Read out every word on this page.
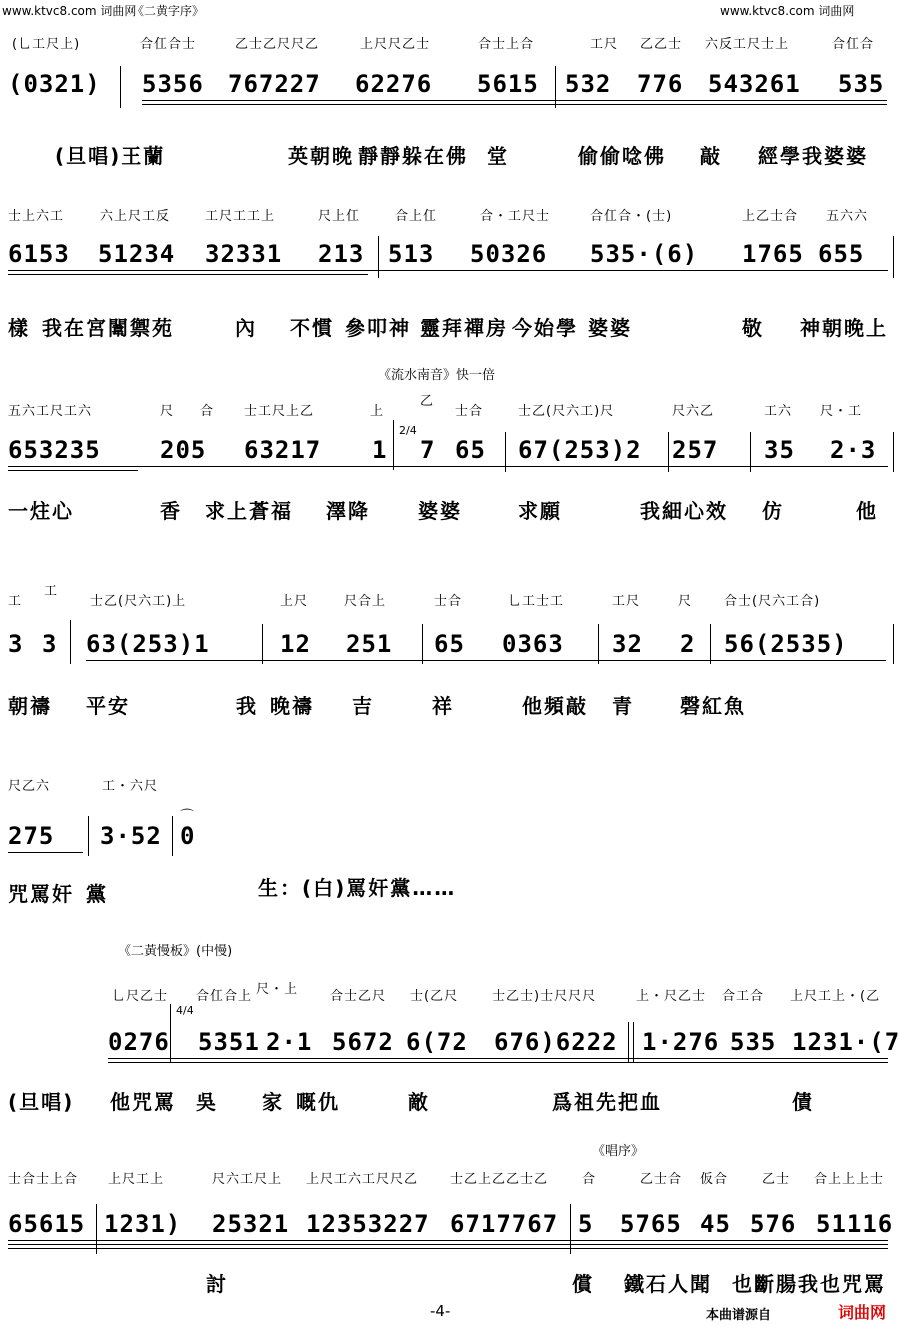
www.ktvc8.com 词曲网
《二黄字序》	www.ktvc8.com 词曲网
(乚工尺上)	合仜合士	乙士乙尺尺乙	上尺尺乙士	合士上合	工尺 乙乙士 六反工尺士上	合仜合
(0321) 5356 767227 62276 5615 532 776 543261 535
(旦唱)王蘭	英朝晚 靜靜躲在佛 堂	偷偷唸佛 敲 經學我婆婆
士上六工	六上尺工反	工尺工工上	尺上仜	合上仜	合・工尺士	合仜合・(士)	上乙士合 五六六
6153 51234 32331 213 513 50326 535·(6) 1765 655
樣 我在宮闈禦苑	內 不慣 參叩神 靈拜禪房 今始學 婆婆	敬 神朝晚上
《流水南音》快一倍
五六工尺工六	尺 合 士工尺上乙	上
乙
士合	士乙(尺六工)尺	尺六乙	工六 尺・工
653235 205 63217 1
2/4
7 65 67(253)2 257 35 2·3
一炷心	香 求上蒼福 澤降 婆婆	求願	我細心效 仿	他
工
工
士乙(尺六工)上	上尺	尺合上	士合	乚工士工	工尺	尺 合士(尺六工合)
3 3 63(253)1	12 251 65 0363 32 2 56(2535)
朝禱 平安	我 晚禱 吉	祥	他頻敲 青 磬紅魚
尺乙六	工・六尺
275 3·52 0
⌒
咒罵奸 黨	生：(白)罵奸黨……
《二黃慢板》(中慢)
乚尺乙士 合仜合上 尺・上 合士乙尺 士(乙尺	士乙士)士尺尺尺	上・尺乙士 合工合 上尺工上・(乙
0276
4/4
5351 2·1 5672 6(72 676)6222 1·276 535 1231·(7
(旦唱) 他咒罵 吳 家 嘅仇	敵	爲祖先把血	債
《唱序》
士合士上合 上尺工上	尺六工尺上 上尺工六工尺尺乙 士乙上乙乙士乙	合	乙士合 仮合	乙士 合上上上士
65615 1231) 25321 12353227 6717767 5 5765 45 576 51116
討	償 鐵石人聞 也斷腸我也咒罵
-4-	本曲谱源自	词曲网
